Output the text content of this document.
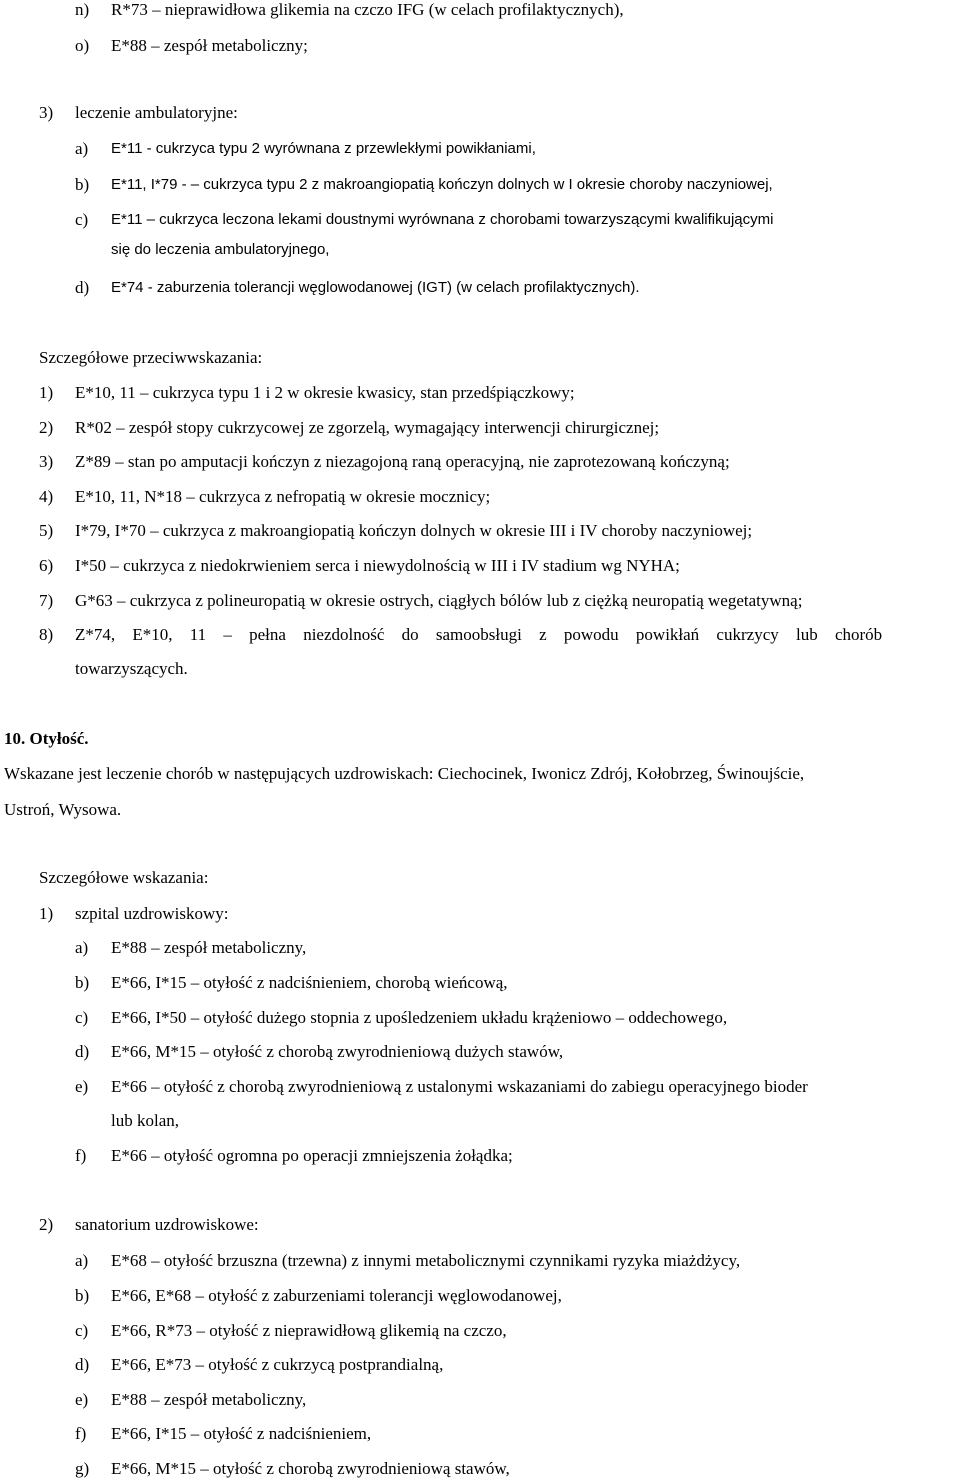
n) R*73 – nieprawidłowa glikemia na czczo IFG (w celach profilaktycznych),
o) E*88 – zespół metaboliczny;
3) leczenie ambulatoryjne:
a) E*11 - cukrzyca typu 2 wyrównana z przewlekłymi powikłaniami,
b) E*11, I*79 - – cukrzyca typu 2 z makroangiopatią kończyn dolnych w I okresie choroby naczyniowej,
c) E*11 – cukrzyca leczona lekami doustnymi wyrównana z chorobami towarzyszącymi kwalifikującymi
się do leczenia ambulatoryjnego,
d) E*74 - zaburzenia tolerancji węglowodanowej (IGT) (w celach profilaktycznych).
Szczegółowe przeciwwskazania:
1) E*10, 11 – cukrzyca typu 1 i 2 w okresie kwasicy, stan przedśpiączkowy;
2) R*02 – zespół stopy cukrzycowej ze zgorzelą, wymagający interwencji chirurgicznej;
3) Z*89 – stan po amputacji kończyn z niezagojoną raną operacyjną, nie zaprotezowaną kończyną;
4) E*10, 11, N*18 – cukrzyca z nefropatią w okresie mocznicy;
5) I*79, I*70 – cukrzyca z makroangiopatią kończyn dolnych w okresie III i IV choroby naczyniowej;
6) I*50 – cukrzyca z niedokrwieniem serca i niewydolnością w III i IV stadium wg NYHA;
7) G*63 – cukrzyca z polineuropatią w okresie ostrych, ciągłych bólów lub z ciężką neuropatią wegetatywną;
8) Z*74, E*10, 11 – pełna niezdolność do samoobsługi z powodu powikłań cukrzycy lub chorób
towarzyszących.
10. Otyłość.
Wskazane jest leczenie chorób w następujących uzdrowiskach: Ciechocinek, Iwonicz Zdrój, Kołobrzeg, Świnoujście,
Ustroń, Wysowa.
Szczegółowe wskazania:
1) szpital uzdrowiskowy:
a) E*88 – zespół metaboliczny,
b) E*66, I*15 – otyłość z nadciśnieniem, chorobą wieńcową,
c) E*66, I*50 – otyłość dużego stopnia z upośledzeniem układu krążeniowo – oddechowego,
d) E*66, M*15 – otyłość z chorobą zwyrodnieniową dużych stawów,
e) E*66 – otyłość z chorobą zwyrodnieniową z ustalonymi wskazaniami do zabiegu operacyjnego bioder
lub kolan,
f) E*66 – otyłość ogromna po operacji zmniejszenia żołądka;
2) sanatorium uzdrowiskowe:
a) E*68 – otyłość brzuszna (trzewna) z innymi metabolicznymi czynnikami ryzyka miażdżycy,
b) E*66, E*68 – otyłość z zaburzeniami tolerancji węglowodanowej,
c) E*66, R*73 – otyłość z nieprawidłową glikemią na czczo,
d) E*66, E*73 – otyłość z cukrzycą postprandialną,
e) E*88 – zespół metaboliczny,
f) E*66, I*15 – otyłość z nadciśnieniem,
g) E*66, M*15 – otyłość z chorobą zwyrodnieniową stawów,
